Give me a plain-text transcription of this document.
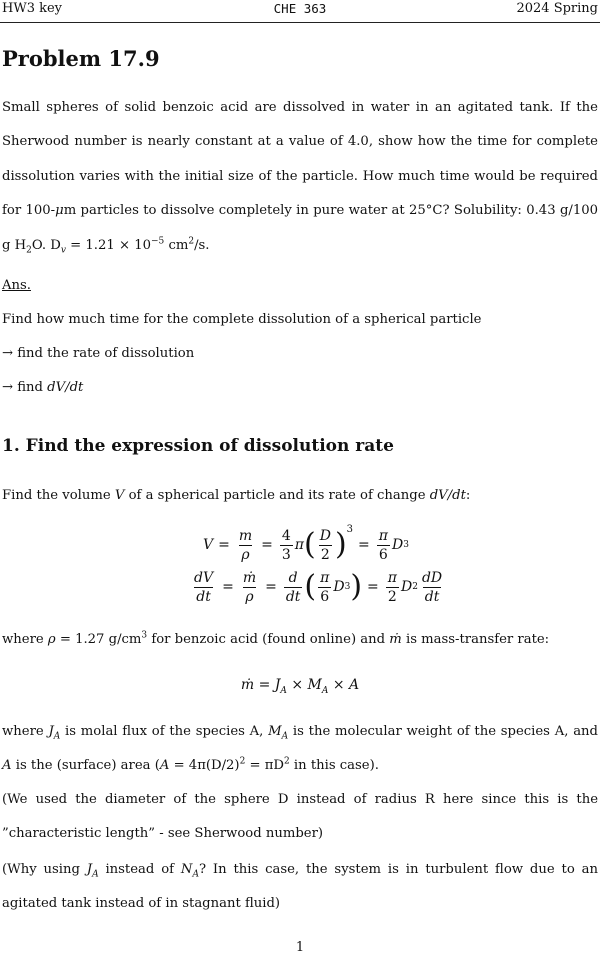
HW3 key	CHE 363	2024 Spring
Problem 17.9

Small spheres of solid benzoic acid are dissolved in water in an agitated tank. If the Sherwood number is nearly constant at a value of 4.0, show how the time for complete dissolution varies with the initial size of the particle. How much time would be required for 100-μm particles to dissolve completely in pure water at 25°C? Solubility: 0.43 g/100 g $H_2O$. $D_v = 1.21 \times 10^{-5}$ $cm^2/s$.

Ans.
Find how much time for the complete dissolution of a spherical particle
→ find the rate of dissolution
→ find dV/dt
1. Find the expression of dissolution rate
Find the volume V of a spherical particle and its rate of change dV/dt:
$V = \frac{m}{\rho} = \frac{4}{3}$ π ( $\frac{D}{2}$ ) 3
= $\frac{\pi}{6}$ D 3
$\frac{dV}{dt} = \frac{\text{ṁ}}{\rho} = \frac{d}{dt}$ ( $\frac{\pi}{6}$ D 3 ) = $\frac{\pi}{2}$ D $2 \frac{dD}{dt}$
where ρ = 1.27 $g/cm^3$ for benzoic acid (found online) and ṁ is mass-transfer rate:
ṁ = $J_A \times M_A \times A$

where $J_A$ is molal flux of the species A, $M_A$ is the molecular weight of the species A, and A is the (surface) area ($A = 4\pi(D/2)^2 = \pi D^2$ in this case).

(We used the diameter of the sphere D instead of radius R here since this is the ”characteristic length” - see Sherwood number)

(Why using $J_A$ instead of $N_A$? In this case, the system is in turbulent flow due to an agitated tank instead of in stagnant fluid)

1
